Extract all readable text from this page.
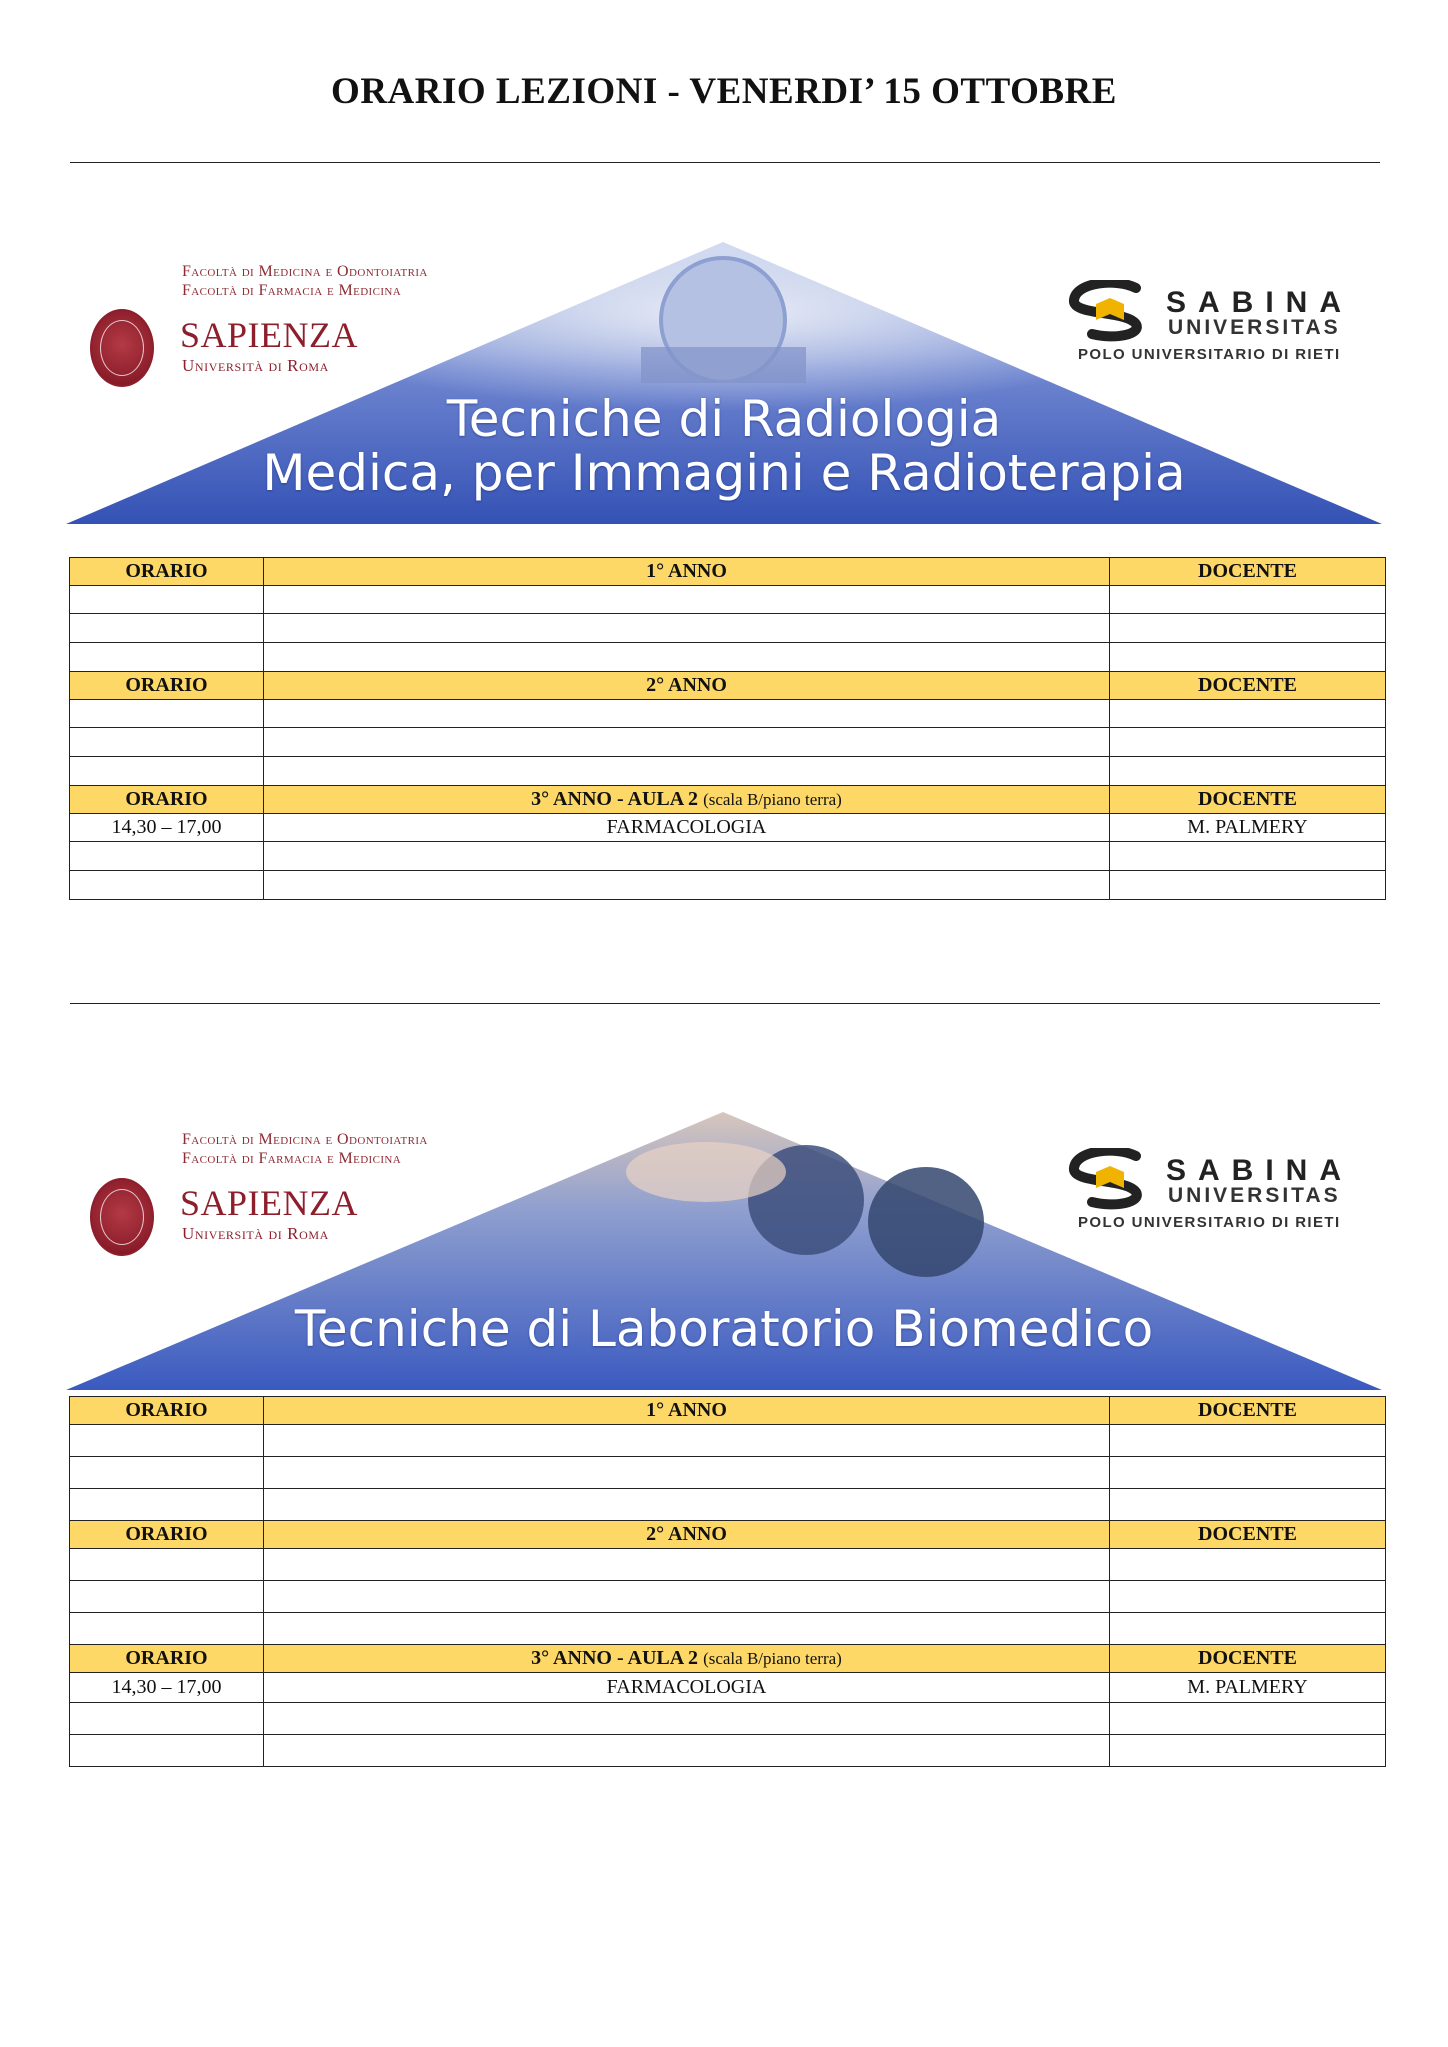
ORARIO LEZIONI - VENERDI’ 15 OTTOBRE
Facoltà di Medicina e Odontoiatria
Facoltà di Farmacia e Medicina
SAPIENZA
Università di Roma
SABINA
UNIVERSITAS
POLO UNIVERSITARIO DI RIETI
Tecniche di Radiologia
Medica, per Immagini e Radioterapia
ORARIO	1° ANNO	DOCENTE

ORARIO	2° ANNO	DOCENTE

ORARIO	3° ANNO - AULA 2 (scala B/piano terra)	DOCENTE
14,30 – 17,00	FARMACOLOGIA	M. PALMERY

Facoltà di Medicina e Odontoiatria
Facoltà di Farmacia e Medicina
SAPIENZA
Università di Roma
SABINA
UNIVERSITAS
POLO UNIVERSITARIO DI RIETI
Tecniche di Laboratorio Biomedico
ORARIO	1° ANNO	DOCENTE

ORARIO	2° ANNO	DOCENTE

ORARIO	3° ANNO - AULA 2 (scala B/piano terra)	DOCENTE
14,30 – 17,00	FARMACOLOGIA	M. PALMERY
